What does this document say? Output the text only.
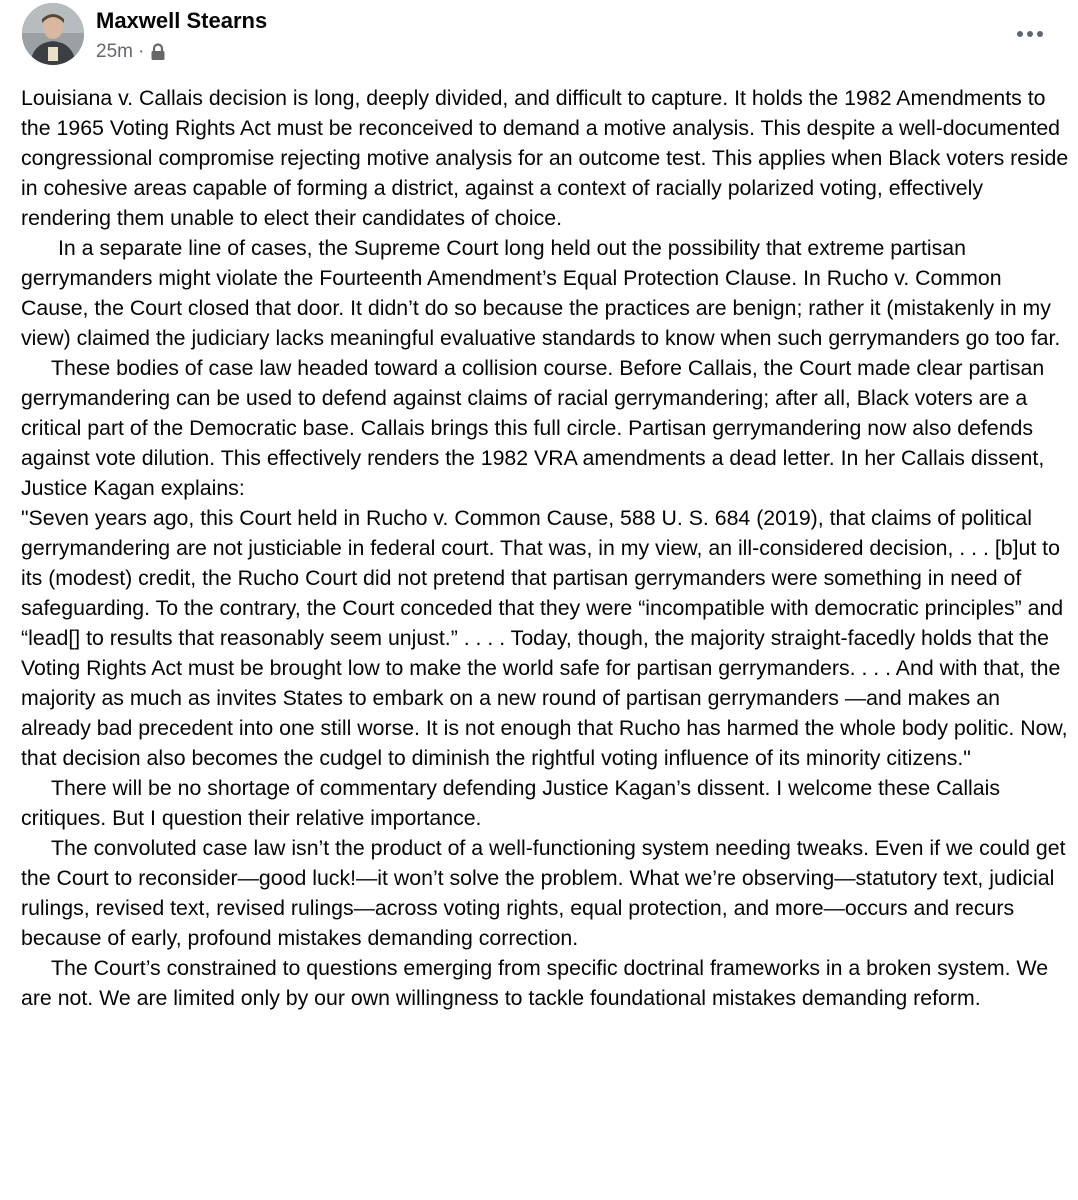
Maxwell Stearns
25m ·

Louisiana v. Callais decision is long, deeply divided, and difficult to capture. It holds the 1982 Amendments to the 1965 Voting Rights Act must be reconceived to demand a motive analysis. This despite a well-documented congressional compromise rejecting motive analysis for an outcome test. This applies when Black voters reside in cohesive areas capable of forming a district, against a context of racially polarized voting, effectively rendering them unable to elect their candidates of choice.

In a separate line of cases, the Supreme Court long held out the possibility that extreme partisan gerrymanders might violate the Fourteenth Amendment’s Equal Protection Clause. In Rucho v. Common Cause, the Court closed that door. It didn’t do so because the practices are benign; rather it (mistakenly in my view) claimed the judiciary lacks meaningful evaluative standards to know when such gerrymanders go too far.

These bodies of case law headed toward a collision course. Before Callais, the Court made clear partisan gerrymandering can be used to defend against claims of racial gerrymandering; after all, Black voters are a critical part of the Democratic base. Callais brings this full circle. Partisan gerrymandering now also defends against vote dilution. This effectively renders the 1982 VRA amendments a dead letter. In her Callais dissent, Justice Kagan explains:

"Seven years ago, this Court held in Rucho v. Common Cause, 588 U. S. 684 (2019), that claims of political gerrymandering are not justiciable in federal court. That was, in my view, an ill-considered decision, . . . [b]ut to its (modest) credit, the Rucho Court did not pretend that partisan gerrymanders were something in need of safeguarding. To the contrary, the Court conceded that they were “incompatible with democratic principles” and “lead[] to results that reasonably seem unjust.” . . . . Today, though, the majority straight-facedly holds that the Voting Rights Act must be brought low to make the world safe for partisan gerrymanders. . . . And with that, the majority as much as invites States to embark on a new round of partisan gerrymanders —and makes an already bad precedent into one still worse. It is not enough that Rucho has harmed the whole body politic. Now, that decision also becomes the cudgel to diminish the rightful voting influence of its minority citizens."

There will be no shortage of commentary defending Justice Kagan’s dissent. I welcome these Callais critiques. But I question their relative importance.

The convoluted case law isn’t the product of a well-functioning system needing tweaks. Even if we could get the Court to reconsider—good luck!—it won’t solve the problem. What we’re observing—statutory text, judicial rulings, revised text, revised rulings—across voting rights, equal protection, and more—occurs and recurs because of early, profound mistakes demanding correction.

The Court’s constrained to questions emerging from specific doctrinal frameworks in a broken system. We are not. We are limited only by our own willingness to tackle foundational mistakes demanding reform.
